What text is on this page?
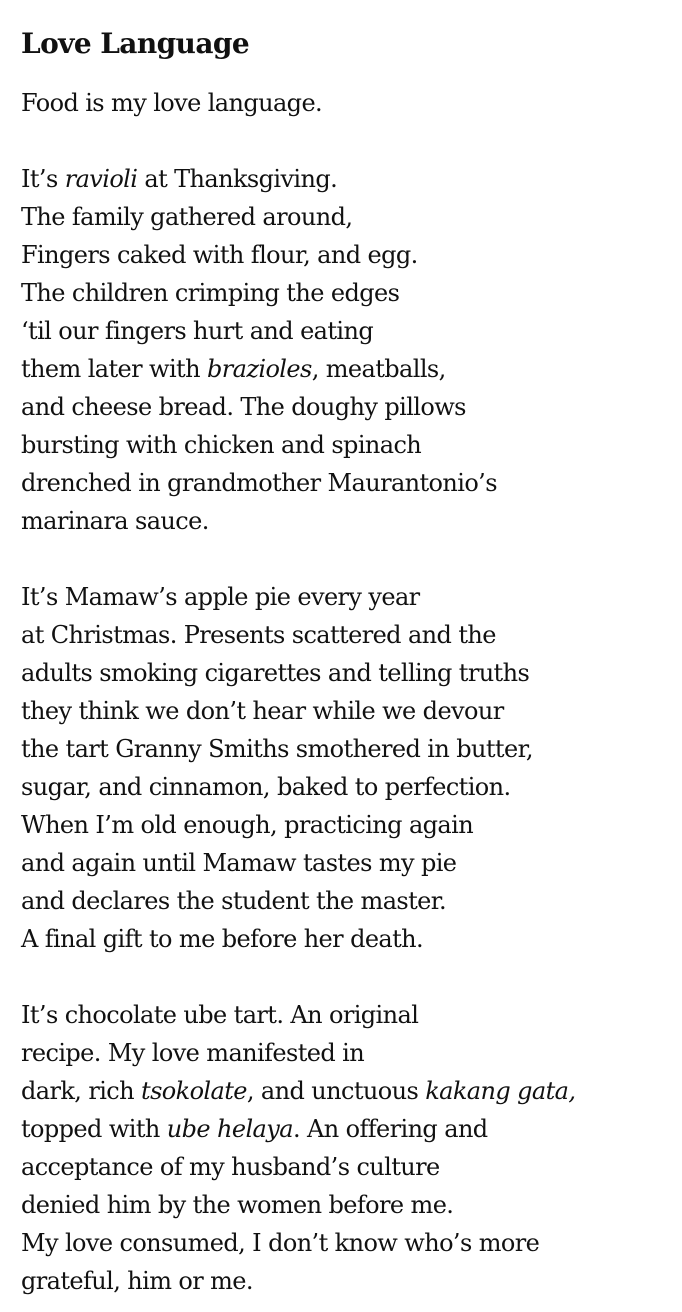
Love Language
Food is my love language.
It’s ravioli at Thanksgiving.
The family gathered around,
Fingers caked with flour, and egg.
The children crimping the edges
‘til our fingers hurt and eating
them later with brazioles, meatballs,
and cheese bread. The doughy pillows
bursting with chicken and spinach
drenched in grandmother Maurantonio’s
marinara sauce.
It’s Mamaw’s apple pie every year
at Christmas. Presents scattered and the
adults smoking cigarettes and telling truths
they think we don’t hear while we devour
the tart Granny Smiths smothered in butter,
sugar, and cinnamon, baked to perfection.
When I’m old enough, practicing again
and again until Mamaw tastes my pie
and declares the student the master.
A final gift to me before her death.
It’s chocolate ube tart. An original
recipe. My love manifested in
dark, rich tsokolate, and unctuous kakang gata,
topped with ube helaya. An offering and
acceptance of my husband’s culture
denied him by the women before me.
My love consumed, I don’t know who’s more
grateful, him or me.
